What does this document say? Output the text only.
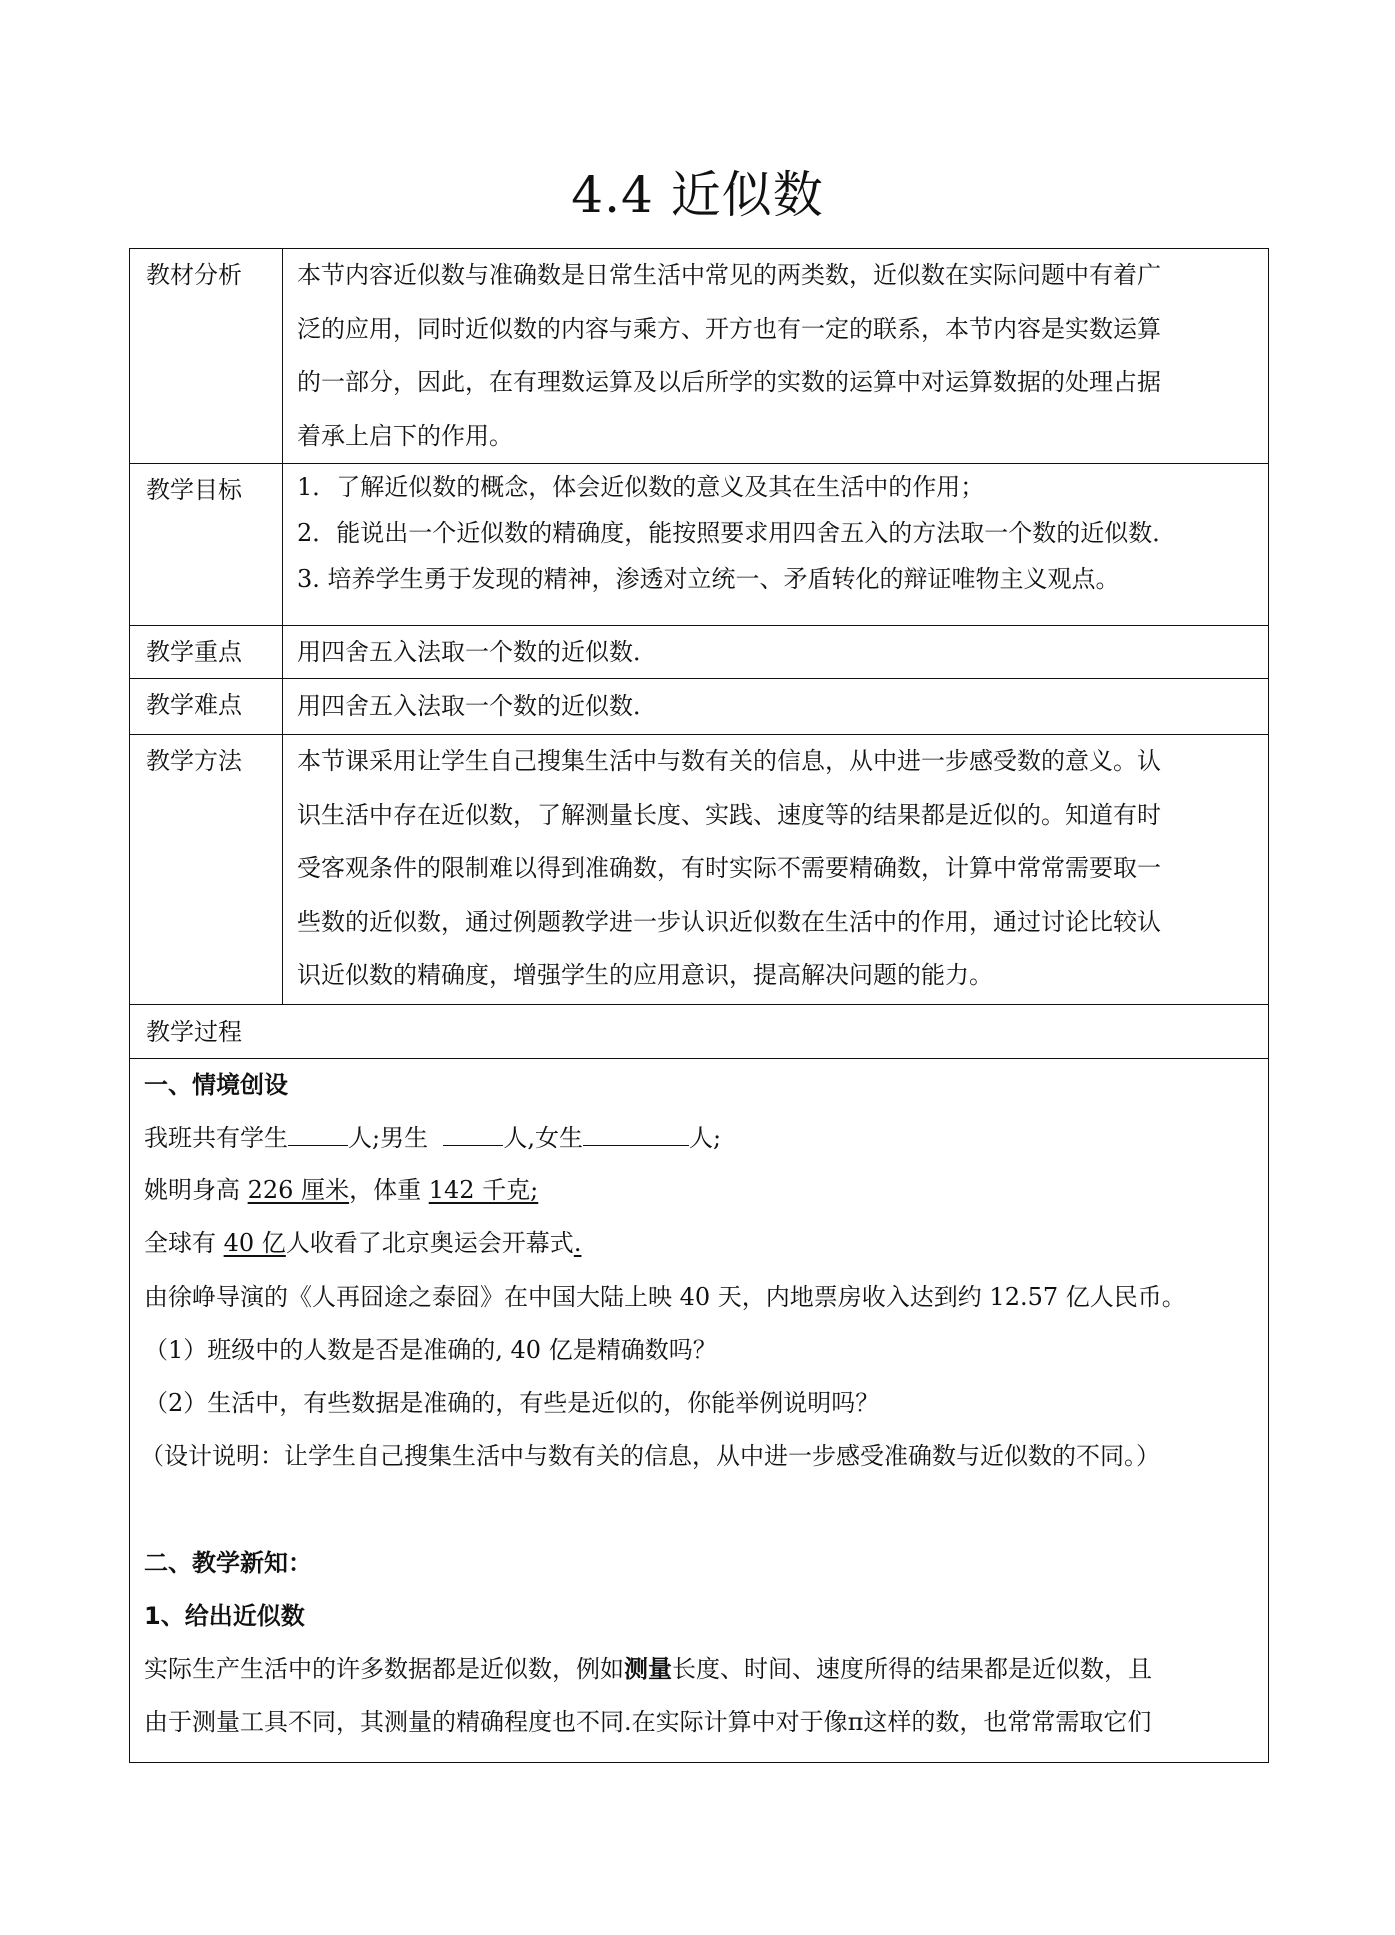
4.4 近似数
教材分析	本节内容近似数与准确数是日常生活中常见的两类数，近似数在实际问题中有着广
泛的应用，同时近似数的内容与乘方、开方也有一定的联系，本节内容是实数运算
的一部分，因此，在有理数运算及以后所学的实数的运算中对运算数据的处理占据
着承上启下的作用。
教学目标	1．了解近似数的概念，体会近似数的意义及其在生活中的作用；
2．能说出一个近似数的精确度，能按照要求用四舍五入的方法取一个数的近似数．
3. 培养学生勇于发现的精神，渗透对立统一、矛盾转化的辩证唯物主义观点。
教学重点	用四舍五入法取一个数的近似数．
教学难点	用四舍五入法取一个数的近似数．
教学方法	本节课采用让学生自己搜集生活中与数有关的信息，从中进一步感受数的意义。认
识生活中存在近似数，了解测量长度、实践、速度等的结果都是近似的。知道有时
受客观条件的限制难以得到准确数，有时实际不需要精确数，计算中常常需要取一
些数的近似数，通过例题教学进一步认识近似数在生活中的作用，通过讨论比较认
识近似数的精确度，增强学生的应用意识，提高解决问题的能力。
教学过程
一、情境创设
我班共有学生	人;男生	人,女生	人;
姚明身高 226 厘米，体重 142 千克;
全球有 40 亿人收看了北京奥运会开幕式.
由徐峥导演的《人再囧途之泰囧》在中国大陆上映 40 天，内地票房收入达到约 12.57 亿人民币。
（1）班级中的人数是否是准确的, 40 亿是精确数吗？
（2）生活中，有些数据是准确的，有些是近似的，你能举例说明吗？
（设计说明：让学生自己搜集生活中与数有关的信息，从中进一步感受准确数与近似数的不同。）
二、教学新知：
1、给出近似数
实际生产生活中的许多数据都是近似数，例如测量长度、时间、速度所得的结果都是近似数，且
由于测量工具不同，其测量的精确程度也不同.在实际计算中对于像π这样的数，也常常需取它们
